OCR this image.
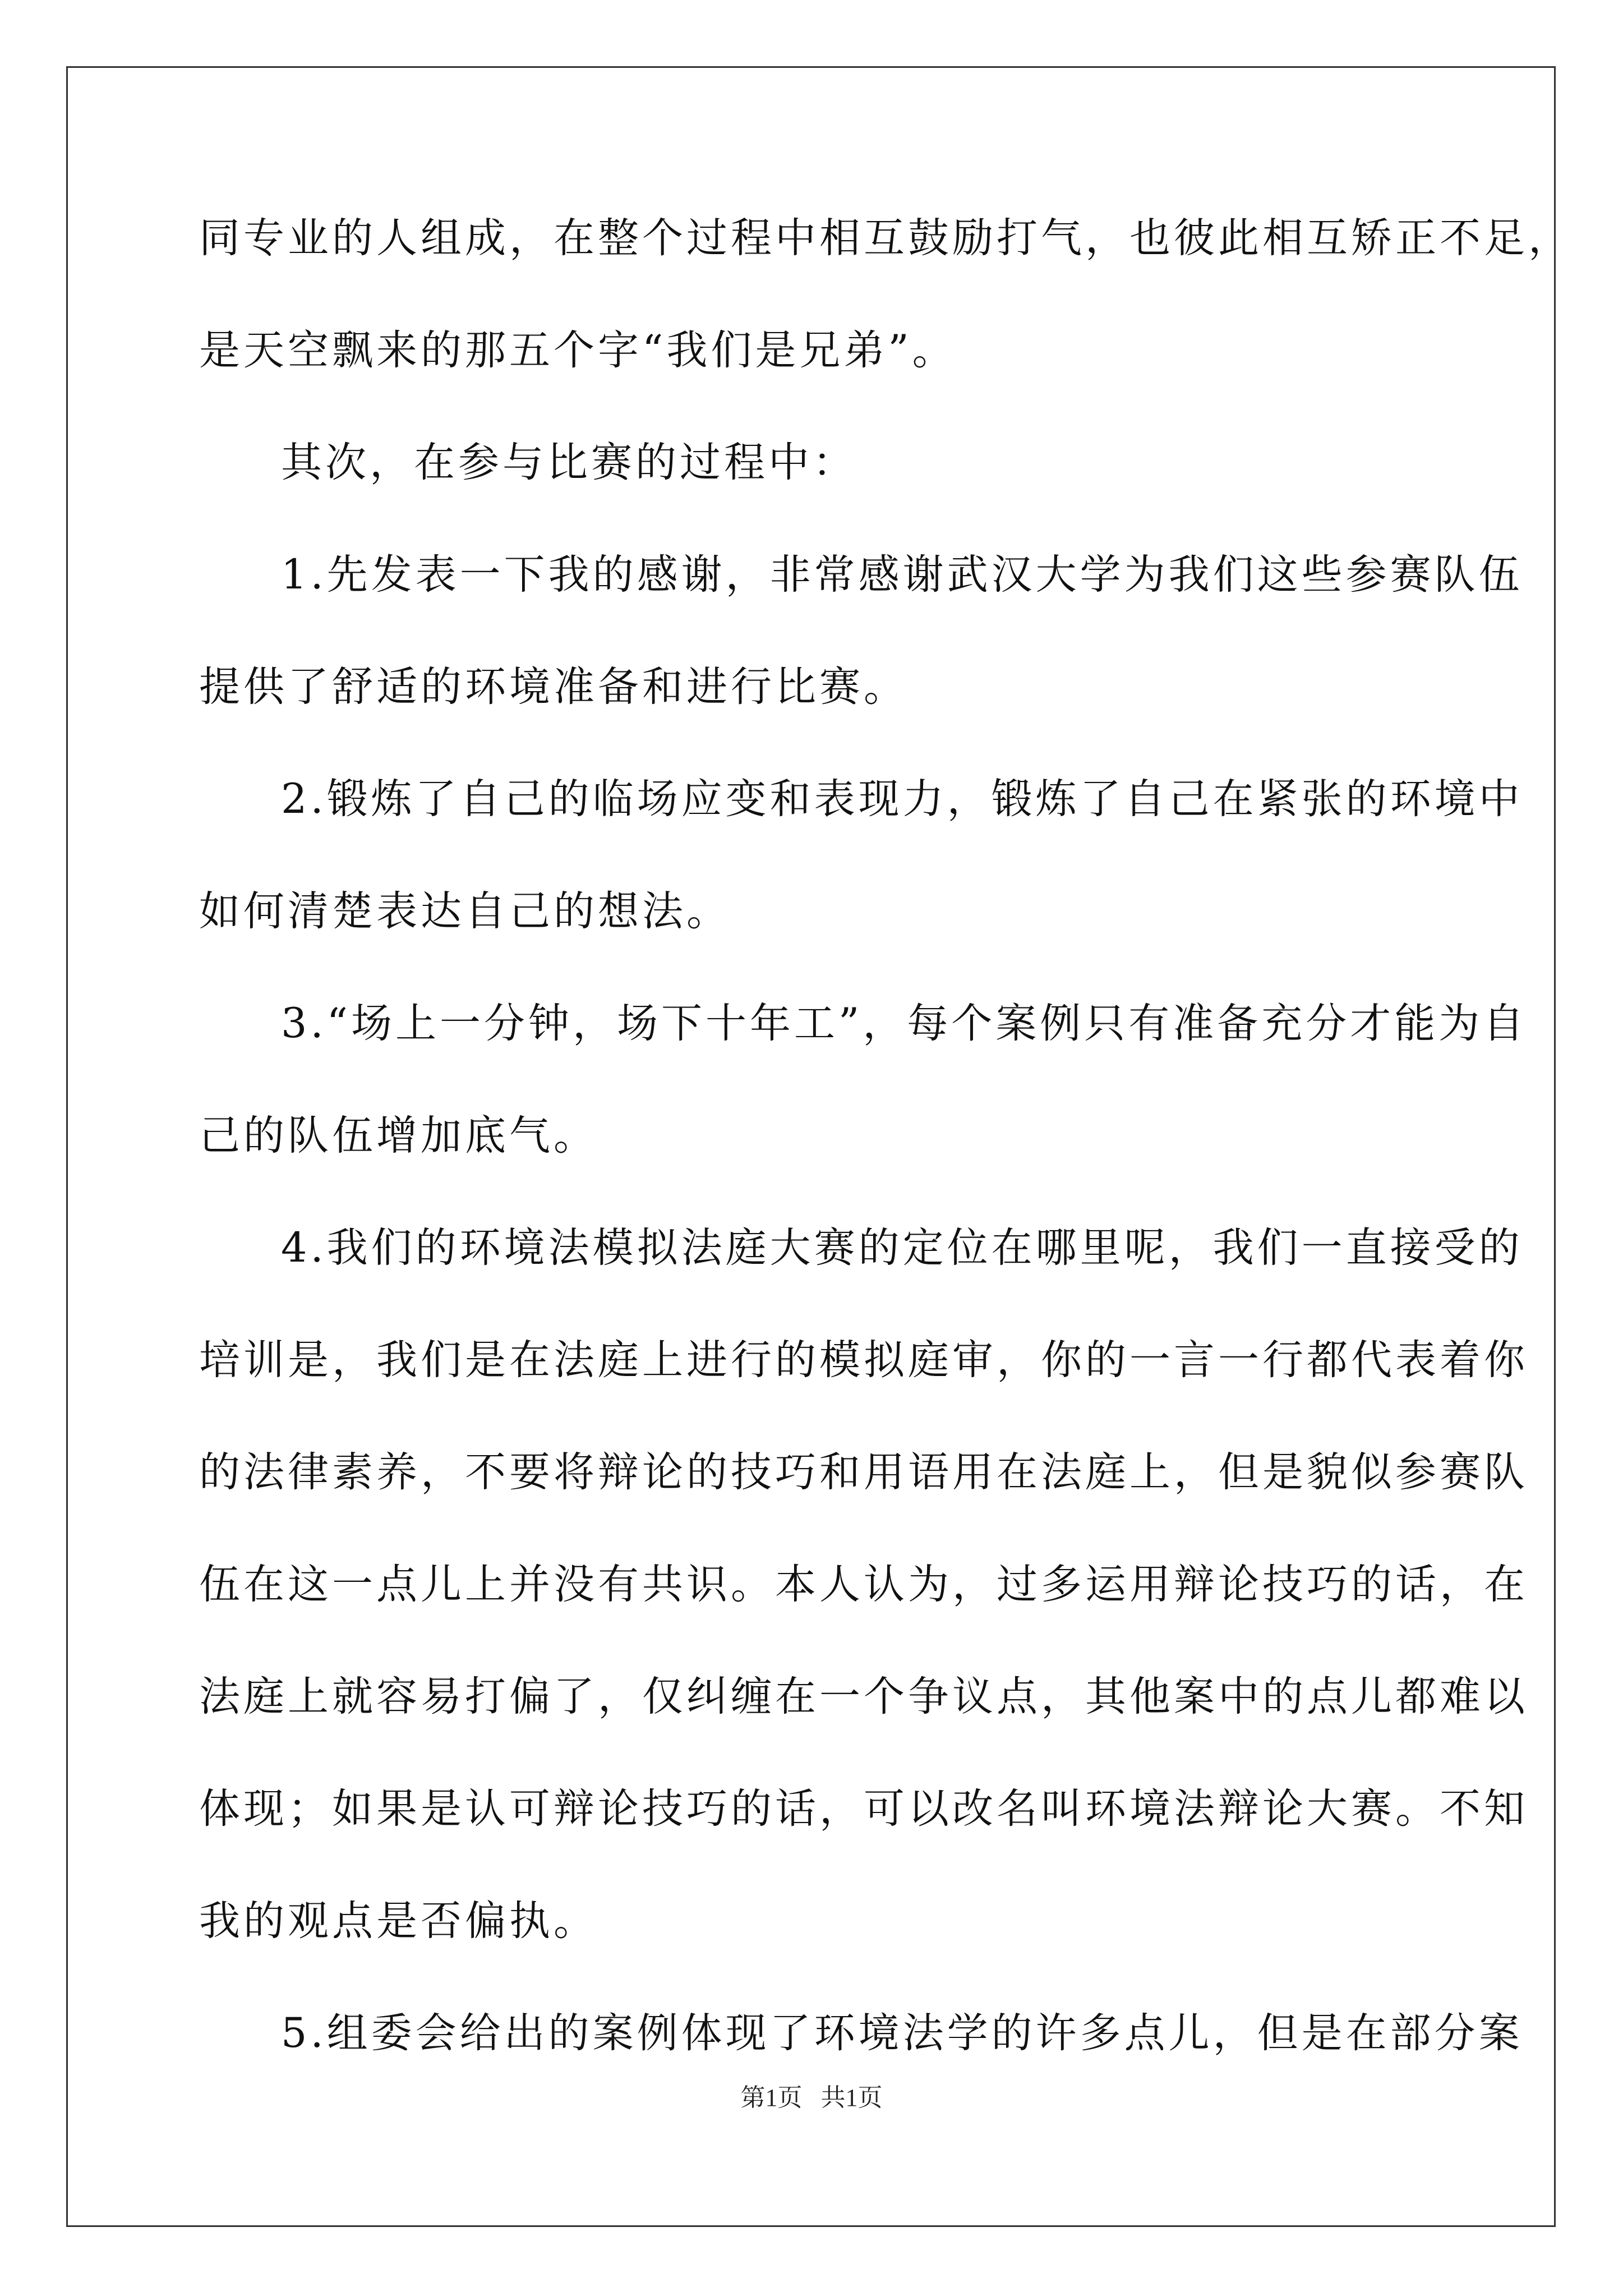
同专业的人组成，在整个过程中相互鼓励打气，也彼此相互矫正不足，
是天空飘来的那五个字“我们是兄弟”。
其次，在参与比赛的过程中：
1.先发表一下我的感谢，非常感谢武汉大学为我们这些参赛队伍
提供了舒适的环境准备和进行比赛。
2.锻炼了自己的临场应变和表现力，锻炼了自己在紧张的环境中
如何清楚表达自己的想法。
3.“场上一分钟，场下十年工”，每个案例只有准备充分才能为自
己的队伍增加底气。
4.我们的环境法模拟法庭大赛的定位在哪里呢，我们一直接受的
培训是，我们是在法庭上进行的模拟庭审，你的一言一行都代表着你
的法律素养，不要将辩论的技巧和用语用在法庭上，但是貌似参赛队
伍在这一点儿上并没有共识。本人认为，过多运用辩论技巧的话，在
法庭上就容易打偏了，仅纠缠在一个争议点，其他案中的点儿都难以
体现；如果是认可辩论技巧的话，可以改名叫环境法辩论大赛。不知
我的观点是否偏执。
5.组委会给出的案例体现了环境法学的许多点儿，但是在部分案
第1页   共1页
